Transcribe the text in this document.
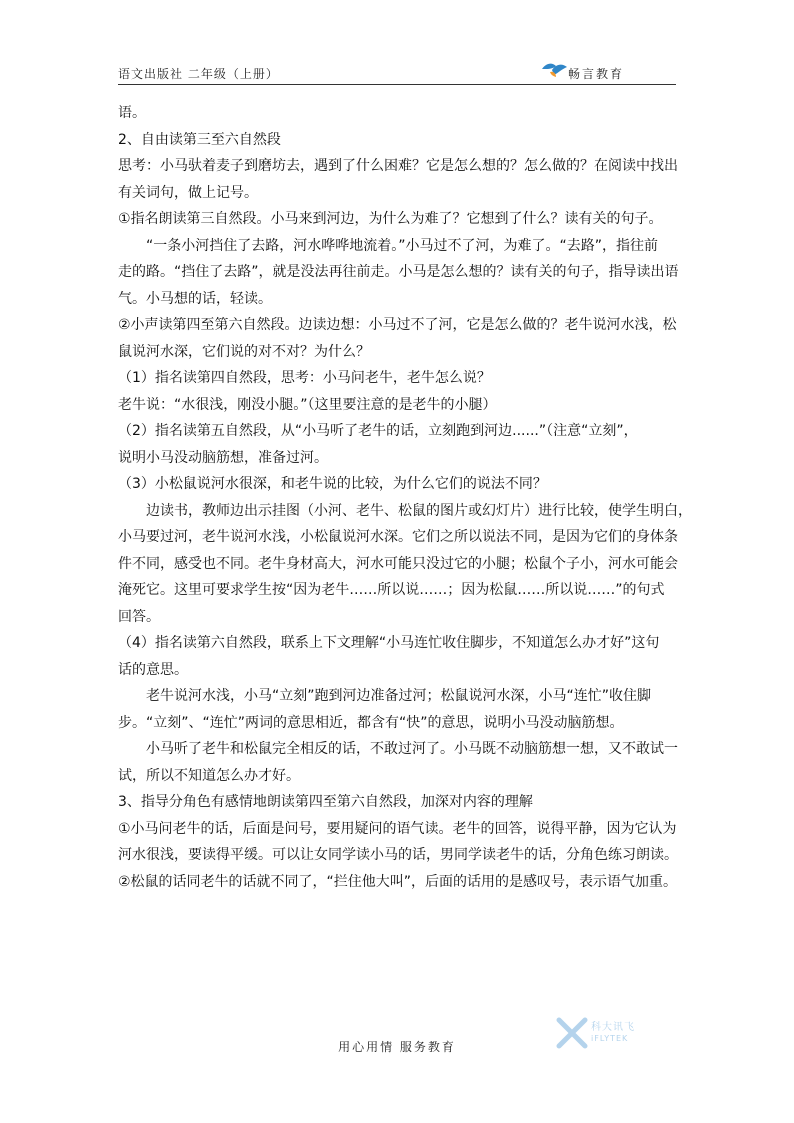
语文出版社 二年级（上册）	畅言教育
语。
2、自由读第三至六自然段
思考：小马驮着麦子到磨坊去，遇到了什么困难？它是怎么想的？怎么做的？在阅读中找出
有关词句，做上记号。
①指名朗读第三自然段。小马来到河边，为什么为难了？它想到了什么？读有关的句子。
“一条小河挡住了去路，河水哗哗地流着。”小马过不了河，为难了。“去路”，指往前
走的路。“挡住了去路”，就是没法再往前走。小马是怎么想的？读有关的句子，指导读出语
气。小马想的话，轻读。
②小声读第四至第六自然段。边读边想：小马过不了河，它是怎么做的？老牛说河水浅，松
鼠说河水深，它们说的对不对？为什么？
（1）指名读第四自然段，思考：小马问老牛，老牛怎么说？
老牛说：“水很浅，刚没小腿。”（这里要注意的是老牛的小腿）
（2）指名读第五自然段，从“小马听了老牛的话，立刻跑到河边......”（注意“立刻”，
说明小马没动脑筋想，准备过河。
（3）小松鼠说河水很深，和老牛说的比较，为什么它们的说法不同？
边读书，教师边出示挂图（小河、老牛、松鼠的图片或幻灯片）进行比较，使学生明白，
小马要过河，老牛说河水浅，小松鼠说河水深。它们之所以说法不同，是因为它们的身体条
件不同，感受也不同。老牛身材高大，河水可能只没过它的小腿；松鼠个子小，河水可能会
淹死它。这里可要求学生按“因为老牛……所以说……；因为松鼠……所以说……”的句式
回答。
（4）指名读第六自然段，联系上下文理解“小马连忙收住脚步，不知道怎么办才好”这句
话的意思。
老牛说河水浅，小马“立刻”跑到河边准备过河；松鼠说河水深，小马“连忙”收住脚
步。“立刻”、“连忙”两词的意思相近，都含有“快”的意思，说明小马没动脑筋想。
小马听了老牛和松鼠完全相反的话，不敢过河了。小马既不动脑筋想一想，又不敢试一
试，所以不知道怎么办才好。
3、指导分角色有感情地朗读第四至第六自然段，加深对内容的理解
①小马问老牛的话，后面是问号，要用疑问的语气读。老牛的回答，说得平静，因为它认为
河水很浅，要读得平缓。可以让女同学读小马的话，男同学读老牛的话，分角色练习朗读。
②松鼠的话同老牛的话就不同了，“拦住他大叫”，后面的话用的是感叹号，表示语气加重。
科大讯飞
iFLYTEK
用心用情 服务教育
